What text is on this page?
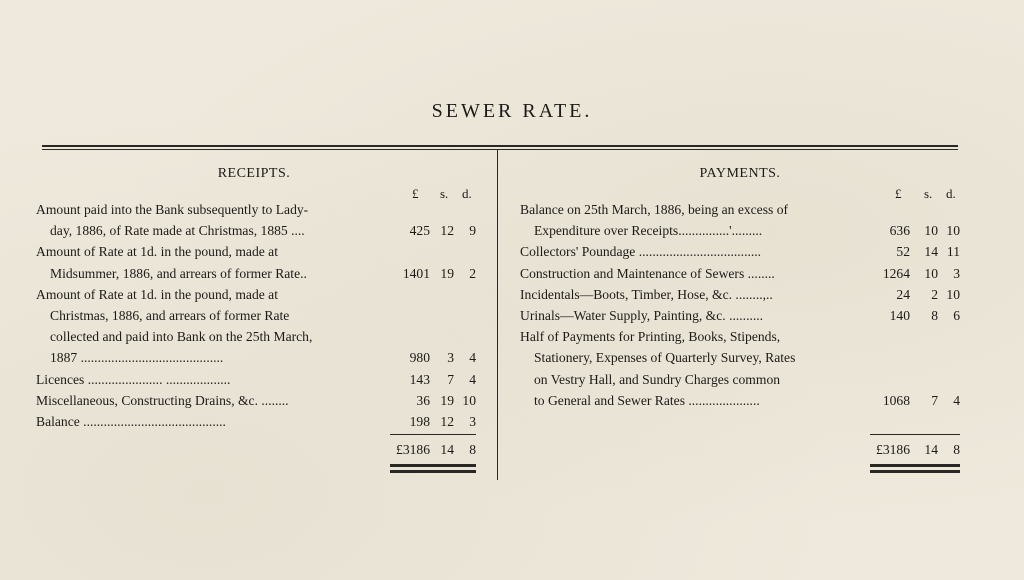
SEWER RATE.
RECEIPTS.
£ s. d.
Amount paid into the Bank subsequently to Lady-
day, 1886, of Rate made at Christmas, 1885 ....	425 12	9
Amount of Rate at 1d. in the pound, made at
Midsummer, 1886, and arrears of former Rate..	1401 19	2
Amount of Rate at 1d. in the pound, made at
Christmas, 1886, and arrears of former Rate
collected and paid into Bank on the 25th March,
1887 ..........................................	980	3	4
Licences ...................... ...................	143	7	4
Miscellaneous, Constructing Drains, &c. ........	36 19 10
Balance ..........................................	198 12	3
£3186 14	8
PAYMENTS.
£ s. d.
Balance on 25th March, 1886, being an excess of
Expenditure over Receipts...............'.........	636	10 10
Collectors' Poundage ....................................	52	14 11
Construction and Maintenance of Sewers ........	1264	10	3
Incidentals—Boots, Timber, Hose, &c. ........,..	24	2 10
Urinals—Water Supply, Painting, &c. ..........	140	8	6
Half of Payments for Printing, Books, Stipends,
Stationery, Expenses of Quarterly Survey, Rates
on Vestry Hall, and Sundry Charges common
to General and Sewer Rates .....................	1068	7	4
£3186	14	8
